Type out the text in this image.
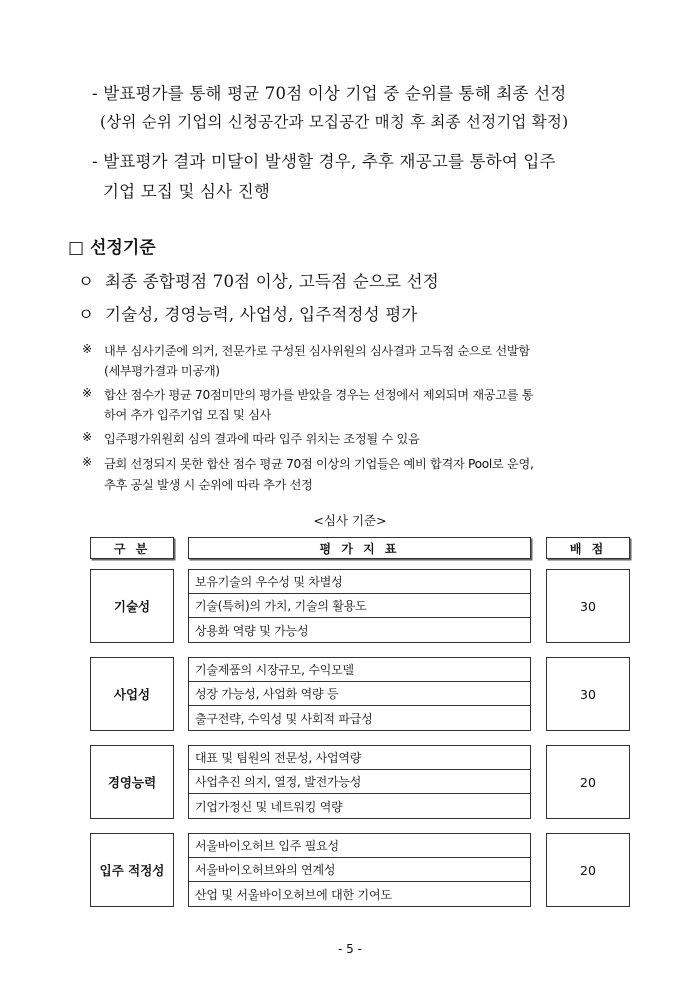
- 발표평가를 통해 평균 70점 이상 기업 중 순위를 통해 최종 선정
(상위 순위 기업의 신청공간과 모집공간 매칭 후 최종 선정기업 확정)
- 발표평가 결과 미달이 발생할 경우, 추후 재공고를 통하여 입주
기업 모집 및 심사 진행
□ 선정기준
ㅇ 최종 종합평점 70점 이상, 고득점 순으로 선정
ㅇ 기술성, 경영능력, 사업성, 입주적정성 평가
※ 내부 심사기준에 의거, 전문가로 구성된 심사위원의 심사결과 고득점 순으로 선발함
(세부평가결과 미공개)
※ 합산 점수가 평균 70점미만의 평가를 받았을 경우는 선정에서 제외되며 재공고를 통
하여 추가 입주기업 모집 및 심사
※ 입주평가위원회 심의 결과에 따라 입주 위치는 조정될 수 있음
※ 금회 선정되지 못한 합산 점수 평균 70점 이상의 기업들은 예비 합격자 Pool로 운영,
추후 공실 발생 시 순위에 따라 추가 선정
<심사 기준>
구 분	평 가 지 표	배 점
기술성
보유기술의 우수성 및 차별성
기술(특허)의 가치, 기술의 활용도
상용화 역량 및 가능성
30
사업성
기술제품의 시장규모, 수익모델
성장 가능성, 사업화 역량 등
출구전략, 수익성 및 사회적 파급성
30
경영능력
대표 및 팀원의 전문성, 사업역량
사업추진 의지, 열정, 발전가능성
기업가정신 및 네트워킹 역량
20
입주 적정성
서울바이오허브 입주 필요성
서울바이오허브와의 연계성
산업 및 서울바이오허브에 대한 기여도
20
- 5 -
